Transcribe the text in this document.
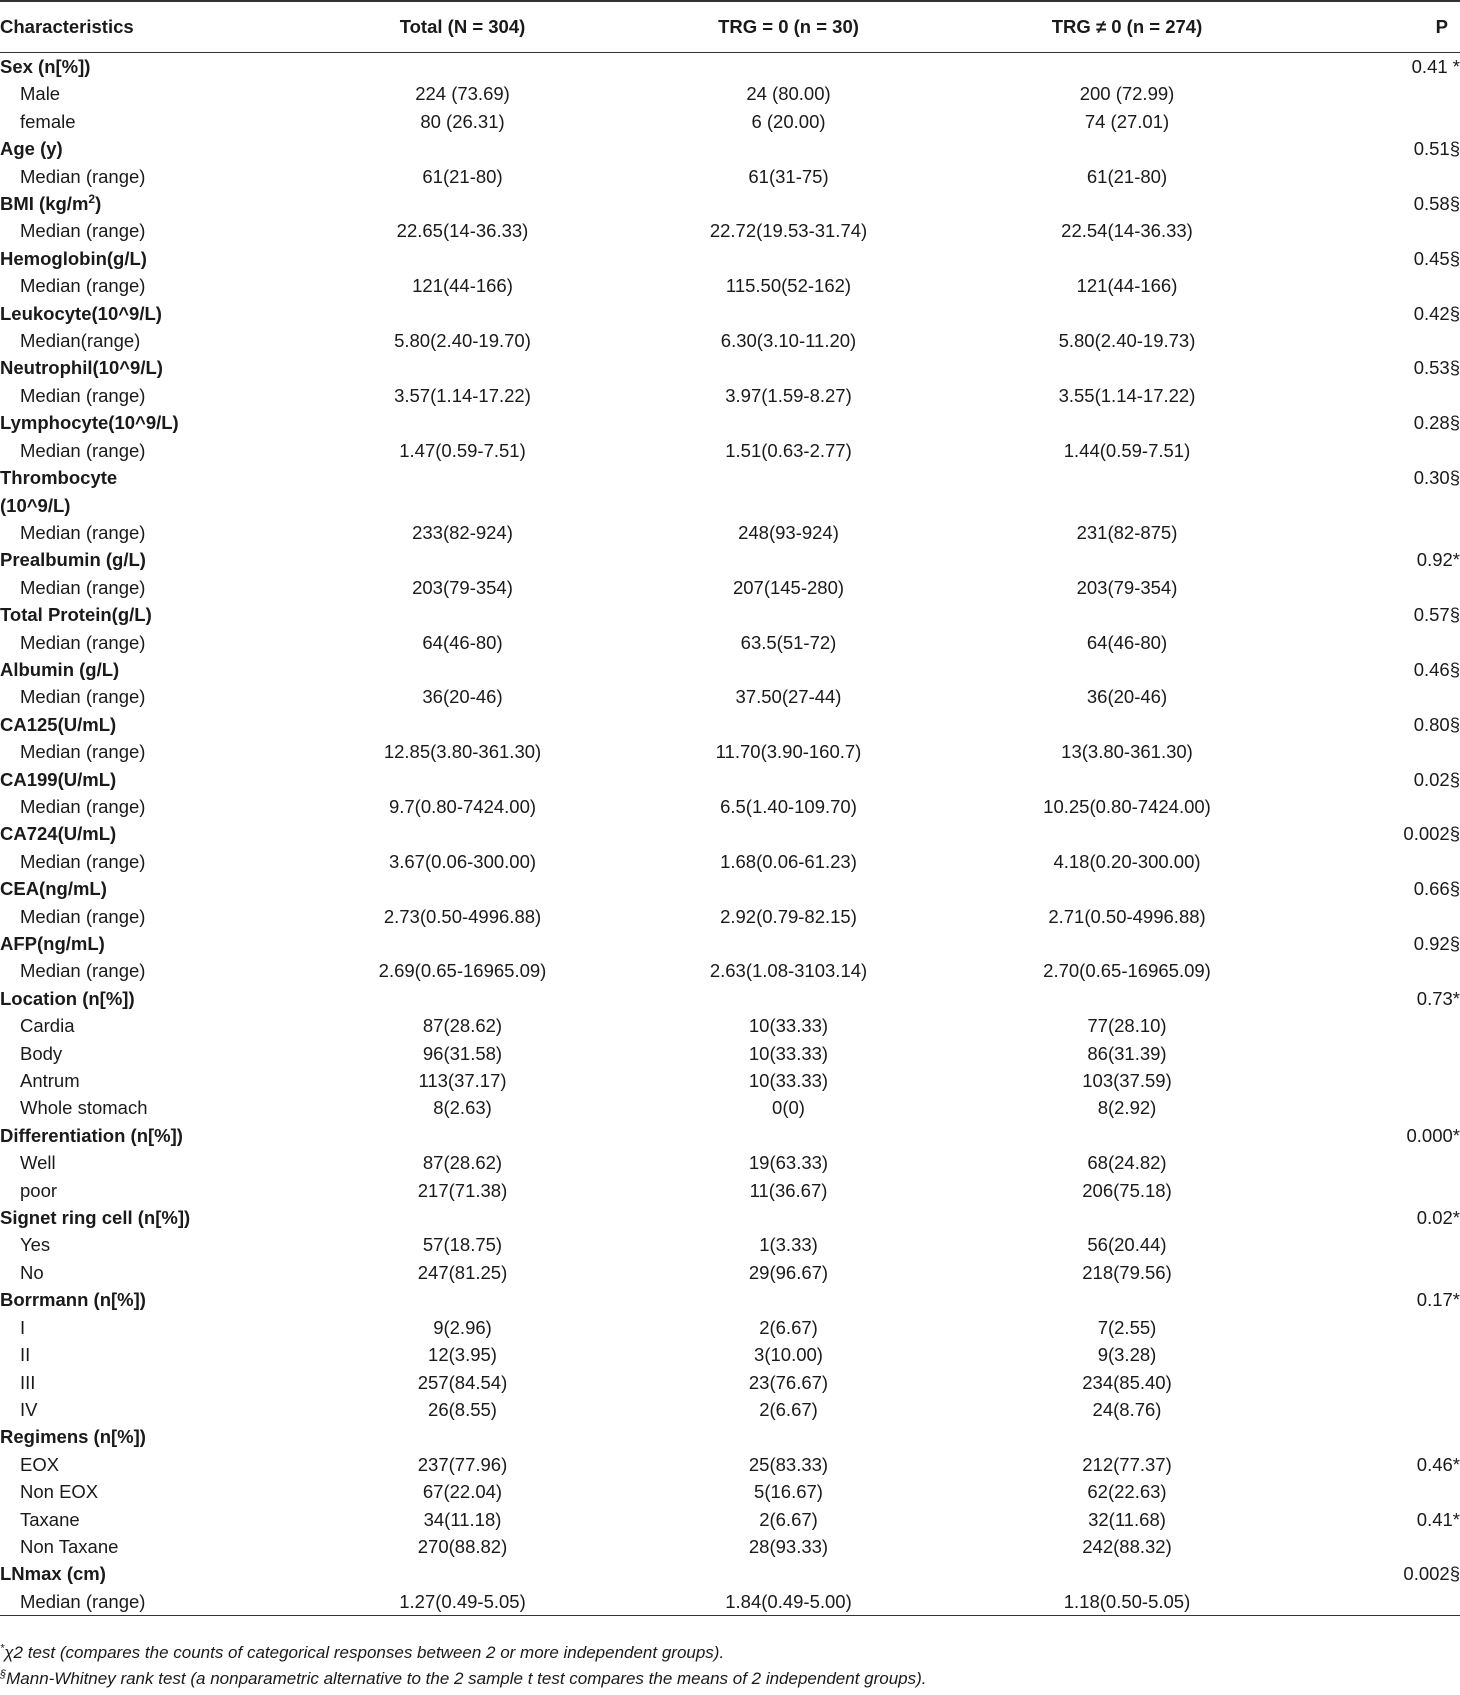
Characteristics	Total (N = 304)	TRG = 0 (n = 30)	TRG ≠ 0 (n = 274)	P
Sex (n[%])				0.41 *
Male	224 (73.69)	24 (80.00)	200 (72.99)	
female	80 (26.31)	6 (20.00)	74 (27.01)	
Age (y)				0.51§
Median (range)	61(21-80)	61(31-75)	61(21-80)	
BMI $(kg/m^2)$				0.58§
Median (range)	22.65(14-36.33)	22.72(19.53-31.74)	22.54(14-36.33)	
Hemoglobin(g/L)				0.45§
Median (range)	121(44-166)	115.50(52-162)	121(44-166)	
Leukocyte(10^9/L)				0.42§
Median(range)	5.80(2.40-19.70)	6.30(3.10-11.20)	5.80(2.40-19.73)	
Neutrophil(10^9/L)				0.53§
Median (range)	3.57(1.14-17.22)	3.97(1.59-8.27)	3.55(1.14-17.22)	
Lymphocyte(10^9/L)				0.28§
Median (range)	1.47(0.59-7.51)	1.51(0.63-2.77)	1.44(0.59-7.51)	
Thrombocyte				0.30§
(10^9/L)				
Median (range)	233(82-924)	248(93-924)	231(82-875)	
Prealbumin (g/L)				0.92*
Median (range)	203(79-354)	207(145-280)	203(79-354)	
Total Protein(g/L)				0.57§
Median (range)	64(46-80)	63.5(51-72)	64(46-80)	
Albumin (g/L)				0.46§
Median (range)	36(20-46)	37.50(27-44)	36(20-46)	
CA125(U/mL)				0.80§
Median (range)	12.85(3.80-361.30)	11.70(3.90-160.7)	13(3.80-361.30)	
CA199(U/mL)				0.02§
Median (range)	9.7(0.80-7424.00)	6.5(1.40-109.70)	10.25(0.80-7424.00)	
CA724(U/mL)				0.002§
Median (range)	3.67(0.06-300.00)	1.68(0.06-61.23)	4.18(0.20-300.00)	
CEA(ng/mL)				0.66§
Median (range)	2.73(0.50-4996.88)	2.92(0.79-82.15)	2.71(0.50-4996.88)	
AFP(ng/mL)				0.92§
Median (range)	2.69(0.65-16965.09)	2.63(1.08-3103.14)	2.70(0.65-16965.09)	
Location (n[%])				0.73*
Cardia	87(28.62)	10(33.33)	77(28.10)	
Body	96(31.58)	10(33.33)	86(31.39)	
Antrum	113(37.17)	10(33.33)	103(37.59)	
Whole stomach	8(2.63)	0(0)	8(2.92)	
Differentiation (n[%])				0.000*
Well	87(28.62)	19(63.33)	68(24.82)	
poor	217(71.38)	11(36.67)	206(75.18)	
Signet ring cell (n[%])				0.02*
Yes	57(18.75)	1(3.33)	56(20.44)	
No	247(81.25)	29(96.67)	218(79.56)	
Borrmann (n[%])				0.17*
I	9(2.96)	2(6.67)	7(2.55)	
II	12(3.95)	3(10.00)	9(3.28)	
III	257(84.54)	23(76.67)	234(85.40)	
IV	26(8.55)	2(6.67)	24(8.76)	
Regimens (n[%])				
EOX	237(77.96)	25(83.33)	212(77.37)	0.46*
Non EOX	67(22.04)	5(16.67)	62(22.63)	
Taxane	34(11.18)	2(6.67)	32(11.68)	0.41*
Non Taxane	270(88.82)	28(93.33)	242(88.32)	
LNmax (cm)				0.002§
Median (range)	1.27(0.49-5.05)	1.84(0.49-5.00)	1.18(0.50-5.05)	
*χ2 test (compares the counts of categorical responses between 2 or more independent groups).
§Mann-Whitney rank test (a nonparametric alternative to the 2 sample t test compares the means of 2 independent groups).
